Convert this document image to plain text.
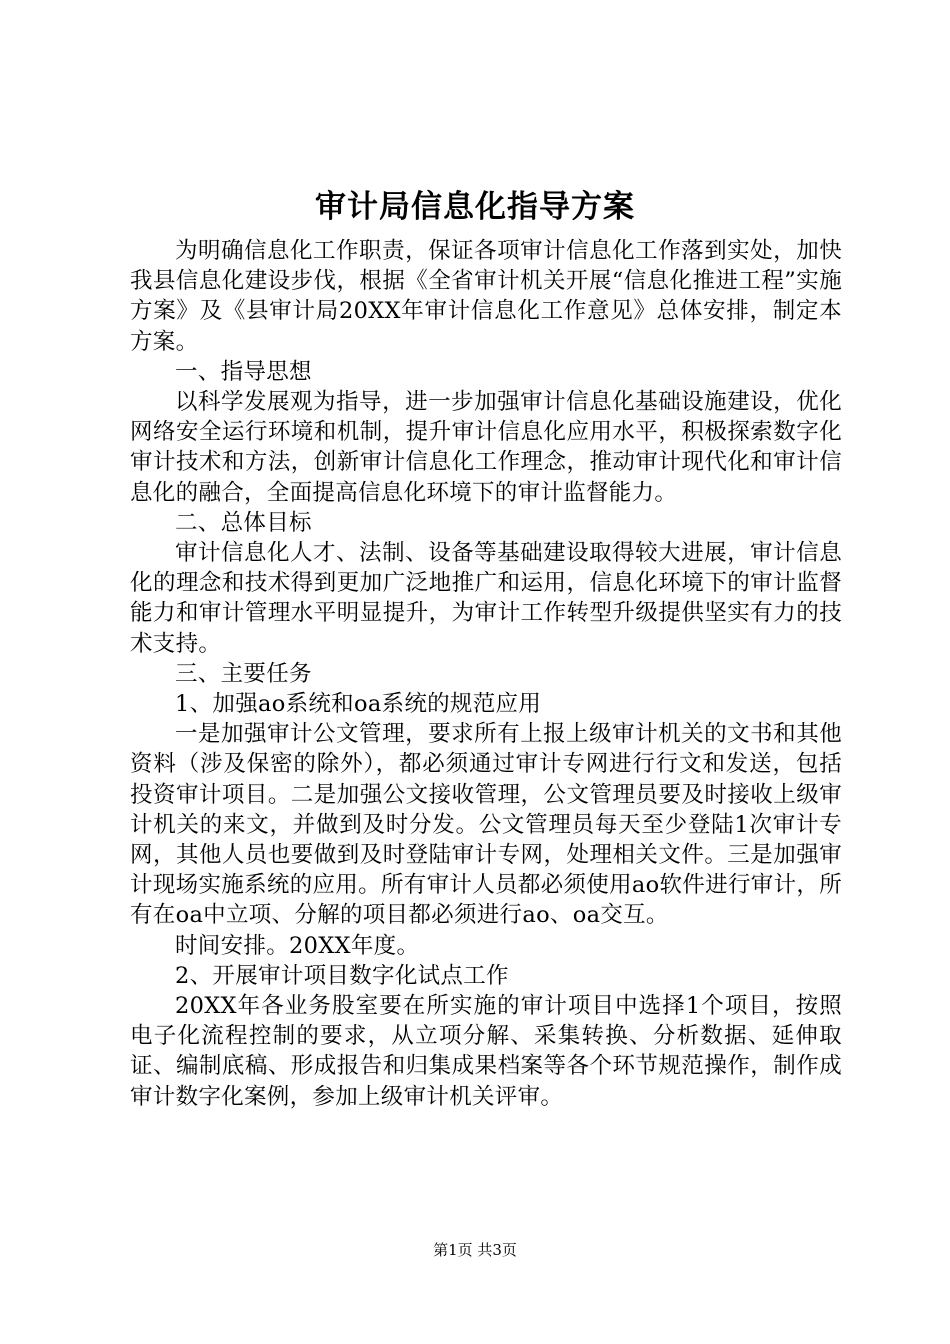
审计局信息化指导方案

为明确信息化工作职责，保证各项审计信息化工作落到实处，加快我县信息化建设步伐，根据《全省审计机关开展“信息化推进工程”实施方案》及《县审计局20XX年审计信息化工作意见》总体安排，制定本方案。

一、指导思想

以科学发展观为指导，进一步加强审计信息化基础设施建设，优化网络安全运行环境和机制，提升审计信息化应用水平，积极探索数字化审计技术和方法，创新审计信息化工作理念，推动审计现代化和审计信息化的融合，全面提高信息化环境下的审计监督能力。

二、总体目标

审计信息化人才、法制、设备等基础建设取得较大进展，审计信息化的理念和技术得到更加广泛地推广和运用，信息化环境下的审计监督能力和审计管理水平明显提升，为审计工作转型升级提供坚实有力的技术支持。

三、主要任务

1、加强ao系统和oa系统的规范应用

一是加强审计公文管理，要求所有上报上级审计机关的文书和其他资料（涉及保密的除外），都必须通过审计专网进行行文和发送，包括投资审计项目。二是加强公文接收管理，公文管理员要及时接收上级审计机关的来文，并做到及时分发。公文管理员每天至少登陆1次审计专网，其他人员也要做到及时登陆审计专网，处理相关文件。三是加强审计现场实施系统的应用。所有审计人员都必须使用ao软件进行审计，所有在oa中立项、分解的项目都必须进行ao、oa交互。

时间安排。20XX年度。

2、开展审计项目数字化试点工作

20XX年各业务股室要在所实施的审计项目中选择1个项目，按照电子化流程控制的要求，从立项分解、采集转换、分析数据、延伸取证、编制底稿、形成报告和归集成果档案等各个环节规范操作，制作成审计数字化案例，参加上级审计机关评审。

第1页 共3页
